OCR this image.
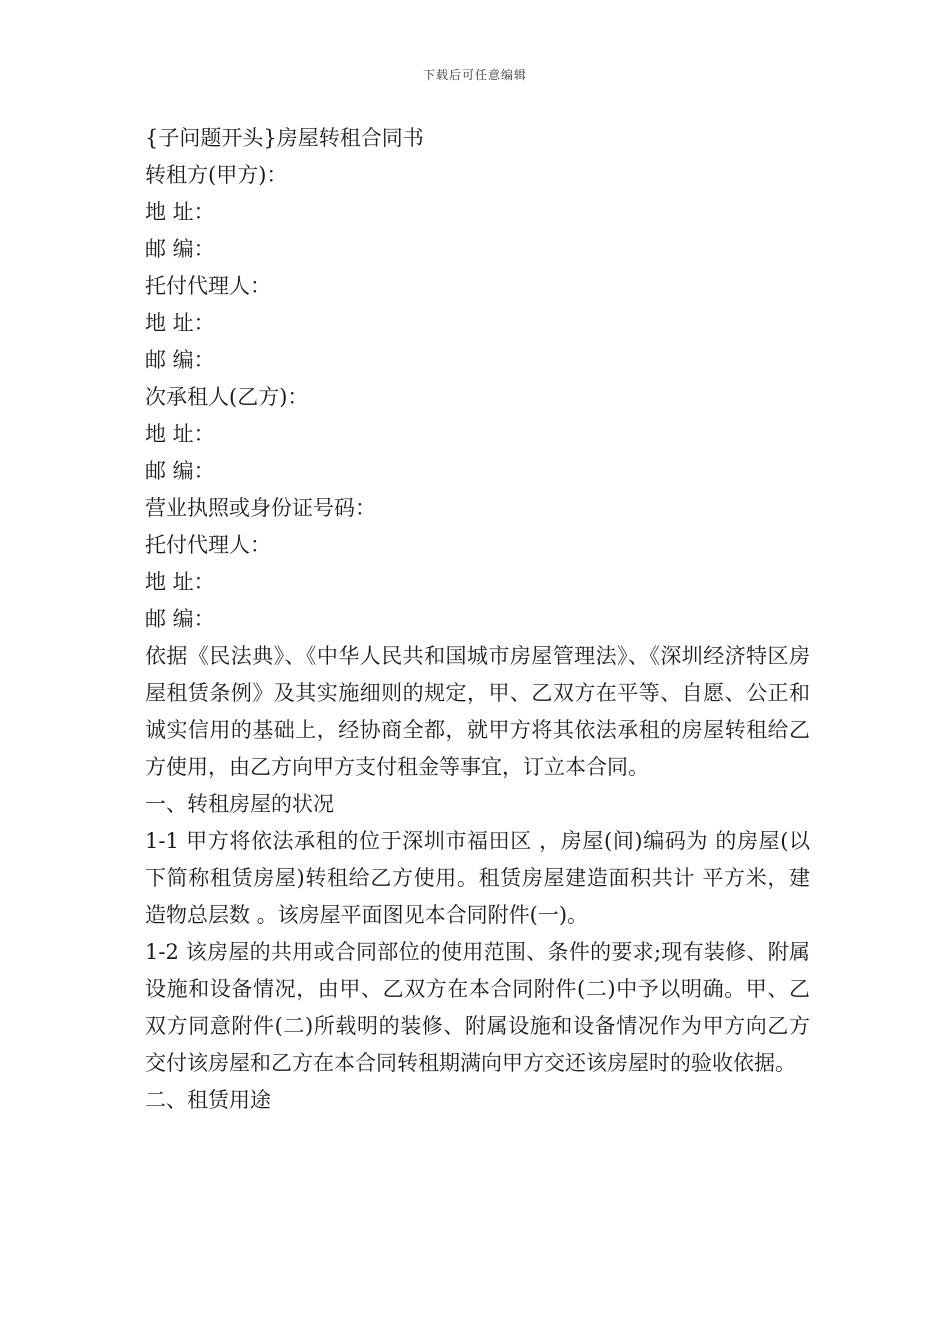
下载后可任意编辑

{子问题开头}房屋转租合同书

转租方(甲方)：

地 址：

邮 编：

托付代理人：

地 址：

邮 编：

次承租人(乙方)：

地 址：

邮 编：

营业执照或身份证号码：

托付代理人：

地 址：

邮 编：

依据《民法典》、《中华人民共和国城市房屋管理法》、《深圳经济特区房屋租赁条例》及其实施细则的规定，甲、乙双方在平等、自愿、公正和诚实信用的基础上，经协商全都，就甲方将其依法承租的房屋转租给乙方使用，由乙方向甲方支付租金等事宜，订立本合同。

一、转租房屋的状况

1-1 甲方将依法承租的位于深圳市福田区 ，房屋(间)编码为 的房屋(以下简称租赁房屋)转租给乙方使用。租赁房屋建造面积共计 平方米，建造物总层数 。该房屋平面图见本合同附件(一)。

1-2 该房屋的共用或合同部位的使用范围、条件的要求;现有装修、附属设施和设备情况，由甲、乙双方在本合同附件(二)中予以明确。甲、乙双方同意附件(二)所载明的装修、附属设施和设备情况作为甲方向乙方交付该房屋和乙方在本合同转租期满向甲方交还该房屋时的验收依据。

二、租赁用途
